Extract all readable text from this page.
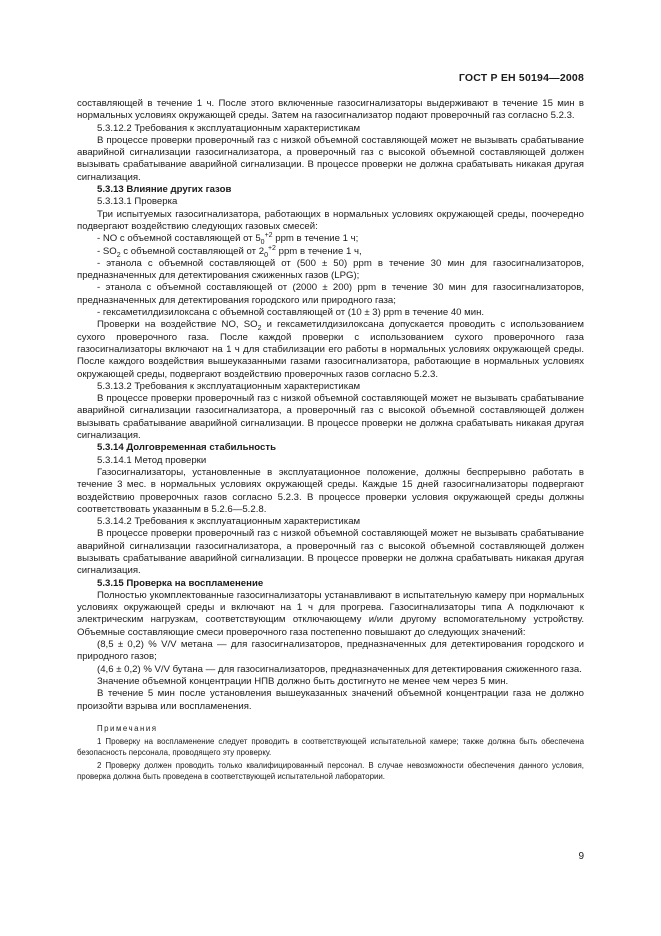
ГОСТ Р ЕН 50194—2008

составляющей в течение 1 ч. После этого включенные газосигнализаторы выдерживают в течение 15 мин в нормальных условиях окружающей среды. Затем на газосигнализатор подают проверочный газ согласно 5.2.3.

5.3.12.2 Требования к эксплуатационным характеристикам

В процессе проверки проверочный газ с низкой объемной составляющей может не вызывать срабатывание аварийной сигнализации газосигнализатора, а проверочный газ с высокой объемной составляющей должен вызывать срабатывание аварийной сигнализации. В процессе проверки не должна срабатывать никакая другая сигнализация.

5.3.13 Влияние других газов

5.3.13.1 Проверка

Три испытуемых газосигнализатора, работающих в нормальных условиях окружающей среды, поочередно подвергают воздействию следующих газовых смесей:

- NO с объемной составляющей от $5_0^{+2}$ ppm в течение 1 ч;

- $SO_2$ с объемной составляющей от $2_0^{+2}$ ppm в течение 1 ч,

- этанола с объемной составляющей от (500 ± 50) ppm в течение 30 мин для газосигнализаторов, предназначенных для детектирования сжиженных газов (LPG);

- этанола с объемной составляющей от (2000 ± 200) ppm в течение 30 мин для газосигнализаторов, предназначенных для детектирования городского или природного газа;

- гексаметилдизилоксана с объемной составляющей от (10 ± 3) ppm в течение 40 мин.

Проверки на воздействие NO, $SO_2$ и гексаметилдизилоксана допускается проводить с использованием сухого проверочного газа. После каждой проверки с использованием сухого проверочного газа газосигнализаторы включают на 1 ч для стабилизации его работы в нормальных условиях окружающей среды. После каждого воздействия вышеуказанными газами газосигнализатора, работающие в нормальных условиях окружающей среды, подвергают воздействию проверочных газов согласно 5.2.3.

5.3.13.2 Требования к эксплуатационным характеристикам

В процессе проверки проверочный газ с низкой объемной составляющей может не вызывать срабатывание аварийной сигнализации газосигнализатора, а проверочный газ с высокой объемной составляющей должен вызывать срабатывание аварийной сигнализации. В процессе проверки не должна срабатывать никакая другая сигнализация.

5.3.14 Долговременная стабильность

5.3.14.1 Метод проверки

Газосигнализаторы, установленные в эксплуатационное положение, должны беспрерывно работать в течение 3 мес. в нормальных условиях окружающей среды. Каждые 15 дней газосигнализаторы подвергают воздействию проверочных газов согласно 5.2.3. В процессе проверки условия окружающей среды должны соответствовать указанным в 5.2.6—5.2.8.

5.3.14.2 Требования к эксплуатационным характеристикам

В процессе проверки проверочный газ с низкой объемной составляющей может не вызывать срабатывание аварийной сигнализации газосигнализатора, а проверочный газ с высокой объемной составляющей должен вызывать срабатывание аварийной сигнализации. В процессе проверки не должна срабатывать никакая другая сигнализация.

5.3.15 Проверка на воспламенение

Полностью укомплектованные газосигнализаторы устанавливают в испытательную камеру при нормальных условиях окружающей среды и включают на 1 ч для прогрева. Газосигнализаторы типа А подключают к электрическим нагрузкам, соответствующим отключающему и/или другому вспомогательному устройству. Объемные составляющие смеси проверочного газа постепенно повышают до следующих значений:

(8,5 ± 0,2) % V/V метана — для газосигнализаторов, предназначенных для детектирования городского и природного газов;

(4,6 ± 0,2) % V/V бутана — для газосигнализаторов, предназначенных для детектирования сжиженного газа.

Значение объемной концентрации НПВ должно быть достигнуто не менее чем через 5 мин.

В течение 5 мин после установления вышеуказанных значений объемной концентрации газа не должно произойти взрыва или воспламенения.

Примечания

1 Проверку на воспламенение следует проводить в соответствующей испытательной камере; также должна быть обеспечена безопасность персонала, проводящего эту проверку.

2 Проверку должен проводить только квалифицированный персонал. В случае невозможности обеспечения данного условия, проверка должна быть проведена в соответствующей испытательной лаборатории.

9
